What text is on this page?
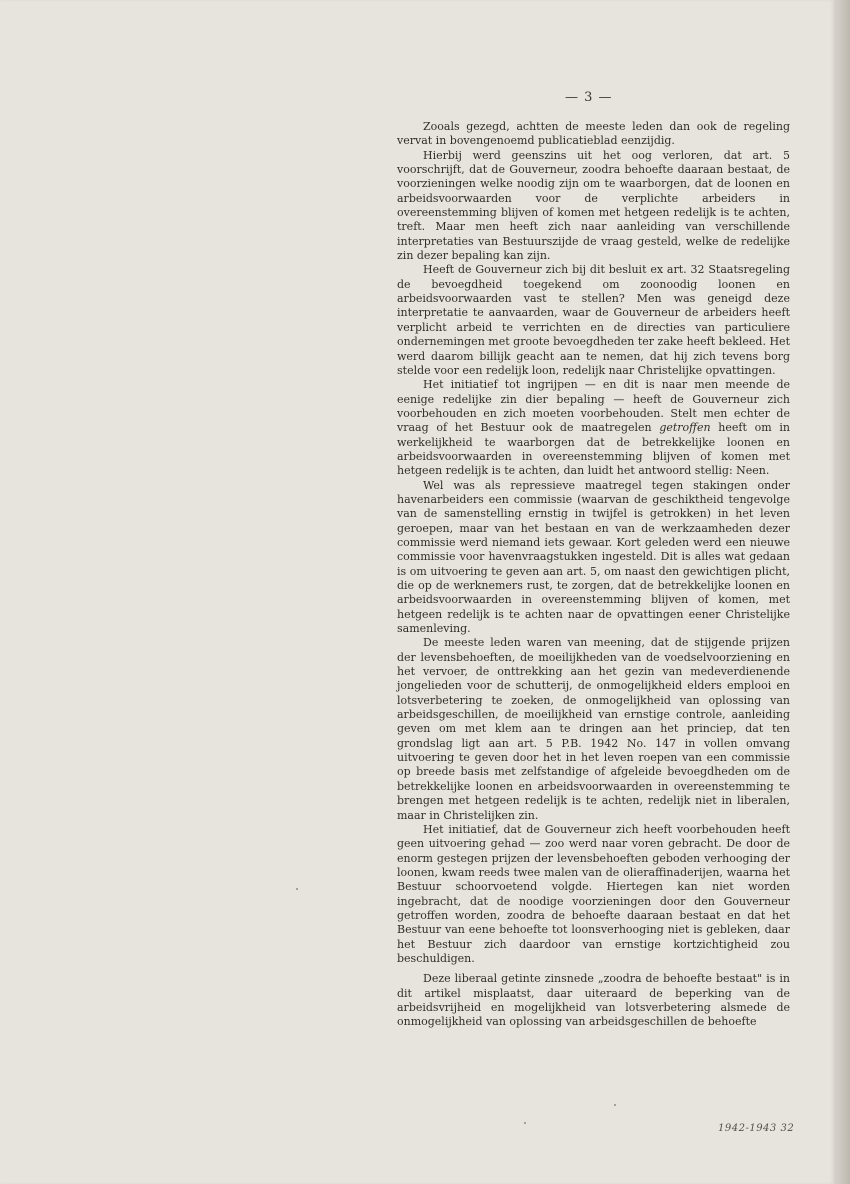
— 3 —

Zooals gezegd, achtten de meeste leden dan ook de regeling vervat in bovengenoemd publicatieblad eenzijdig.

Hierbij werd geenszins uit het oog verloren, dat art. 5 voorschrijft, dat de Gouverneur, zoodra behoefte daaraan bestaat, de voorzieningen welke noodig zijn om te waarborgen, dat de loonen en arbeidsvoorwaarden voor de verplichte arbeiders in overeenstemming blijven of komen met hetgeen redelijk is te achten, treft. Maar men heeft zich naar aanleiding van verschillende interpretaties van Bestuurszijde de vraag gesteld, welke de redelijke zin dezer bepaling kan zijn.

Heeft de Gouverneur zich bij dit besluit ex art. 32 Staatsregeling de bevoegdheid toegekend om zoonoodig loonen en arbeidsvoorwaarden vast te stellen? Men was geneigd deze interpretatie te aanvaarden, waar de Gouverneur de arbeiders heeft verplicht arbeid te verrichten en de directies van particuliere ondernemingen met groote bevoegdheden ter zake heeft bekleed. Het werd daarom billijk geacht aan te nemen, dat hij zich tevens borg stelde voor een redelijk loon, redelijk naar Christelijke opvattingen.

Het initiatief tot ingrijpen — en dit is naar men meende de eenige redelijke zin dier bepaling — heeft de Gouverneur zich voorbehouden en zich moeten voorbehouden. Stelt men echter de vraag of het Bestuur ook de maatregelen getroffen heeft om in werkelijkheid te waarborgen dat de betrekkelijke loonen en arbeidsvoorwaarden in overeenstemming blijven of komen met hetgeen redelijk is te achten, dan luidt het antwoord stellig: Neen.

Wel was als repressieve maatregel tegen stakingen onder havenarbeiders een commissie (waarvan de geschiktheid tengevolge van de samenstelling ernstig in twijfel is getrokken) in het leven geroepen, maar van het bestaan en van de werkzaamheden dezer commissie werd niemand iets gewaar. Kort geleden werd een nieuwe commissie voor havenvraagstukken ingesteld. Dit is alles wat gedaan is om uitvoering te geven aan art. 5, om naast den gewichtigen plicht, die op de werknemers rust, te zorgen, dat de betrekkelijke loonen en arbeidsvoorwaarden in overeenstemming blijven of komen, met hetgeen redelijk is te achten naar de opvattingen eener Christelijke samenleving.

De meeste leden waren van meening, dat de stijgende prijzen der levensbehoeften, de moeilijkheden van de voedselvoorziening en het vervoer, de onttrekking aan het gezin van medeverdienende jongelieden voor de schutterij, de onmogelijkheid elders emplooi en lotsverbetering te zoeken, de onmogelijkheid van oplossing van arbeidsgeschillen, de moeilijkheid van ernstige controle, aanleiding geven om met klem aan te dringen aan het princiep, dat ten grondslag ligt aan art. 5 P.B. 1942 No. 147 in vollen omvang uitvoering te geven door het in het leven roepen van een commissie op breede basis met zelfstandige of afgeleide bevoegdheden om de betrekkelijke loonen en arbeidsvoorwaarden in overeenstemming te brengen met hetgeen redelijk is te achten, redelijk niet in liberalen, maar in Christelijken zin.

Het initiatief, dat de Gouverneur zich heeft voorbehouden heeft geen uitvoering gehad — zoo werd naar voren gebracht. De door de enorm gestegen prijzen der levensbehoeften geboden verhooging der loonen, kwam reeds twee malen van de olieraffinaderijen, waarna het Bestuur schoorvoetend volgde. Hiertegen kan niet worden ingebracht, dat de noodige voorzieningen door den Gouverneur getroffen worden, zoodra de behoefte daaraan bestaat en dat het Bestuur van eene behoefte tot loonsverhooging niet is gebleken, daar het Bestuur zich daardoor van ernstige kortzichtigheid zou beschuldigen.

Deze liberaal getinte zinsnede „zoodra de behoefte bestaat" is in dit artikel misplaatst, daar uiteraard de beperking van de arbeidsvrijheid en mogelijkheid van lotsverbetering alsmede de onmogelijkheid van oplossing van arbeidsgeschillen de behoefte

1942-1943 32
